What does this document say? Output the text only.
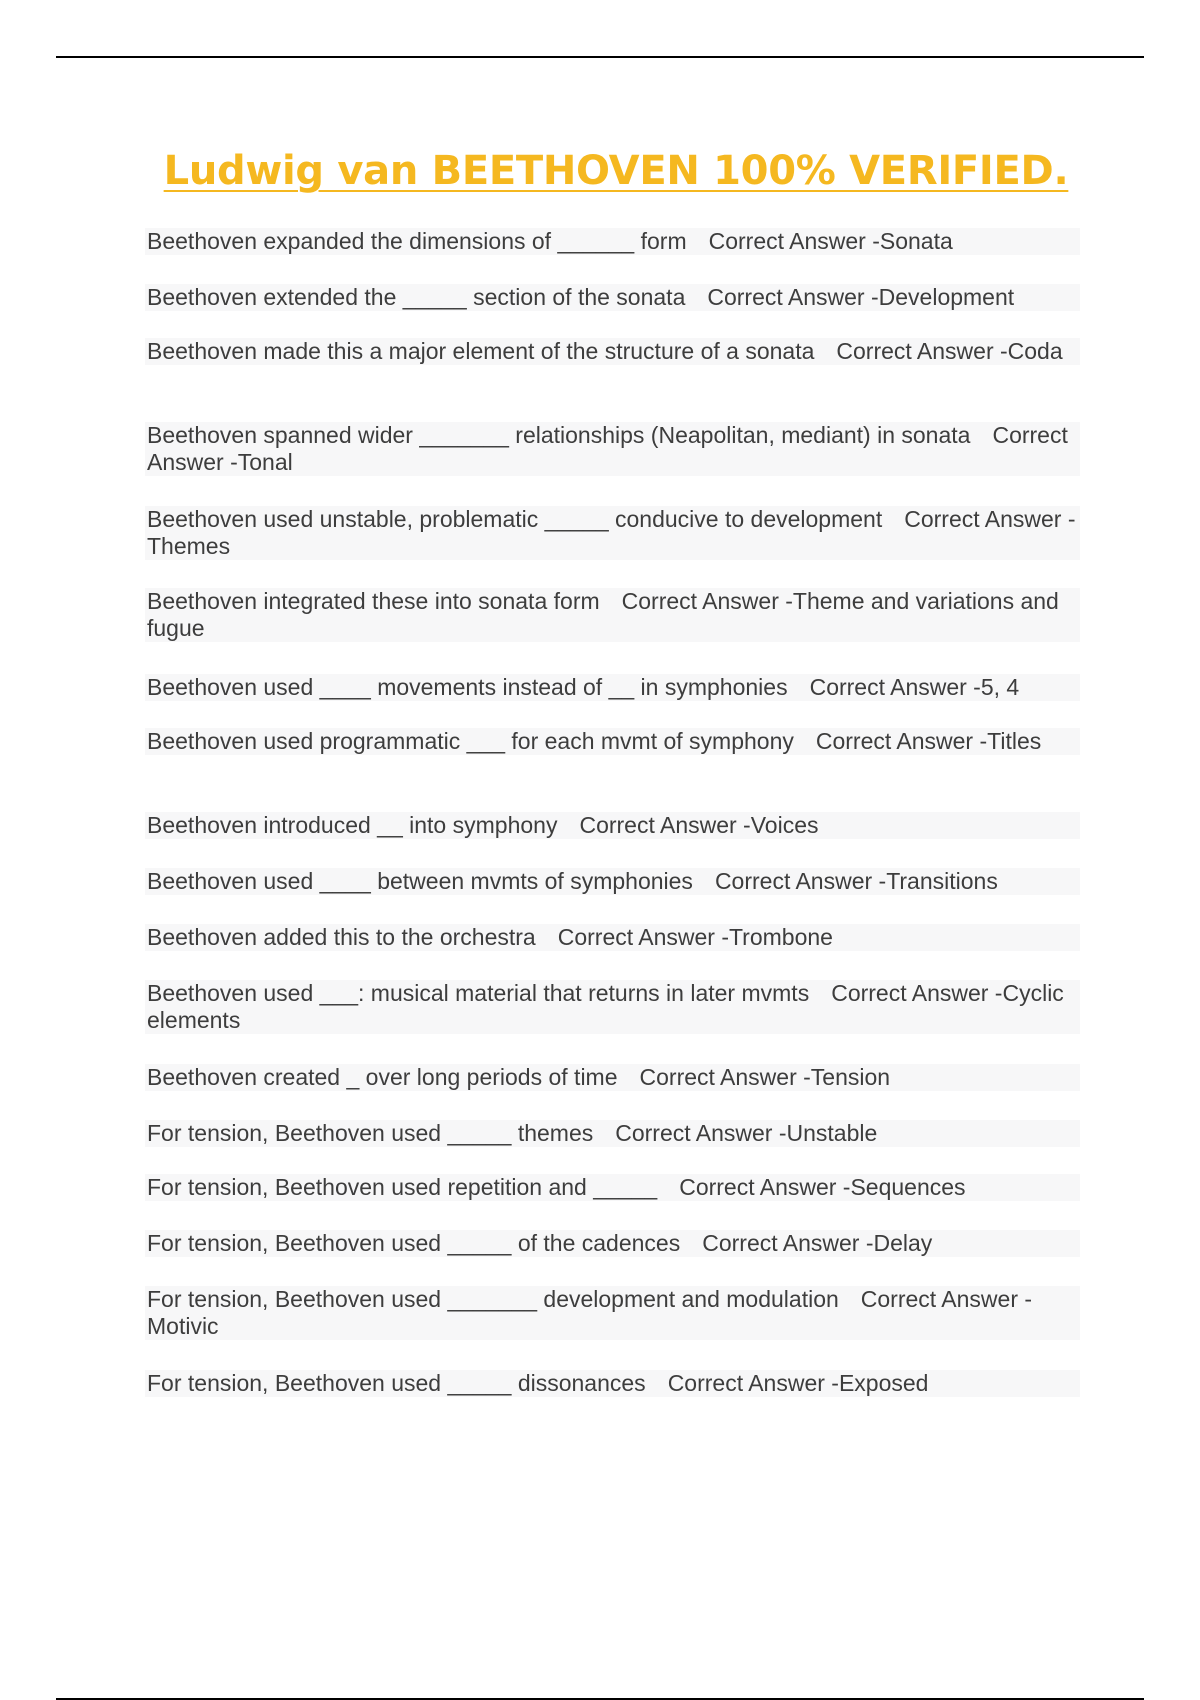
Ludwig van BEETHOVEN 100% VERIFIED.
Beethoven expanded the dimensions of ______ form Correct Answer -Sonata
Beethoven extended the _____ section of the sonata Correct Answer -Development
Beethoven made this a major element of the structure of a sonata Correct Answer -Coda
Beethoven spanned wider _______ relationships (Neapolitan, mediant) in sonata Correct Answer -Tonal
Beethoven used unstable, problematic _____ conducive to development Correct Answer -Themes
Beethoven integrated these into sonata form Correct Answer -Theme and variations and fugue
Beethoven used ____ movements instead of __ in symphonies Correct Answer -5, 4
Beethoven used programmatic ___ for each mvmt of symphony Correct Answer -Titles
Beethoven introduced __ into symphony Correct Answer -Voices
Beethoven used ____ between mvmts of symphonies Correct Answer -Transitions
Beethoven added this to the orchestra Correct Answer -Trombone
Beethoven used ___: musical material that returns in later mvmts Correct Answer -Cyclic elements
Beethoven created _ over long periods of time Correct Answer -Tension
For tension, Beethoven used _____ themes Correct Answer -Unstable
For tension, Beethoven used repetition and _____ Correct Answer -Sequences
For tension, Beethoven used _____ of the cadences Correct Answer -Delay
For tension, Beethoven used _______ development and modulation Correct Answer -Motivic
For tension, Beethoven used _____ dissonances Correct Answer -Exposed
